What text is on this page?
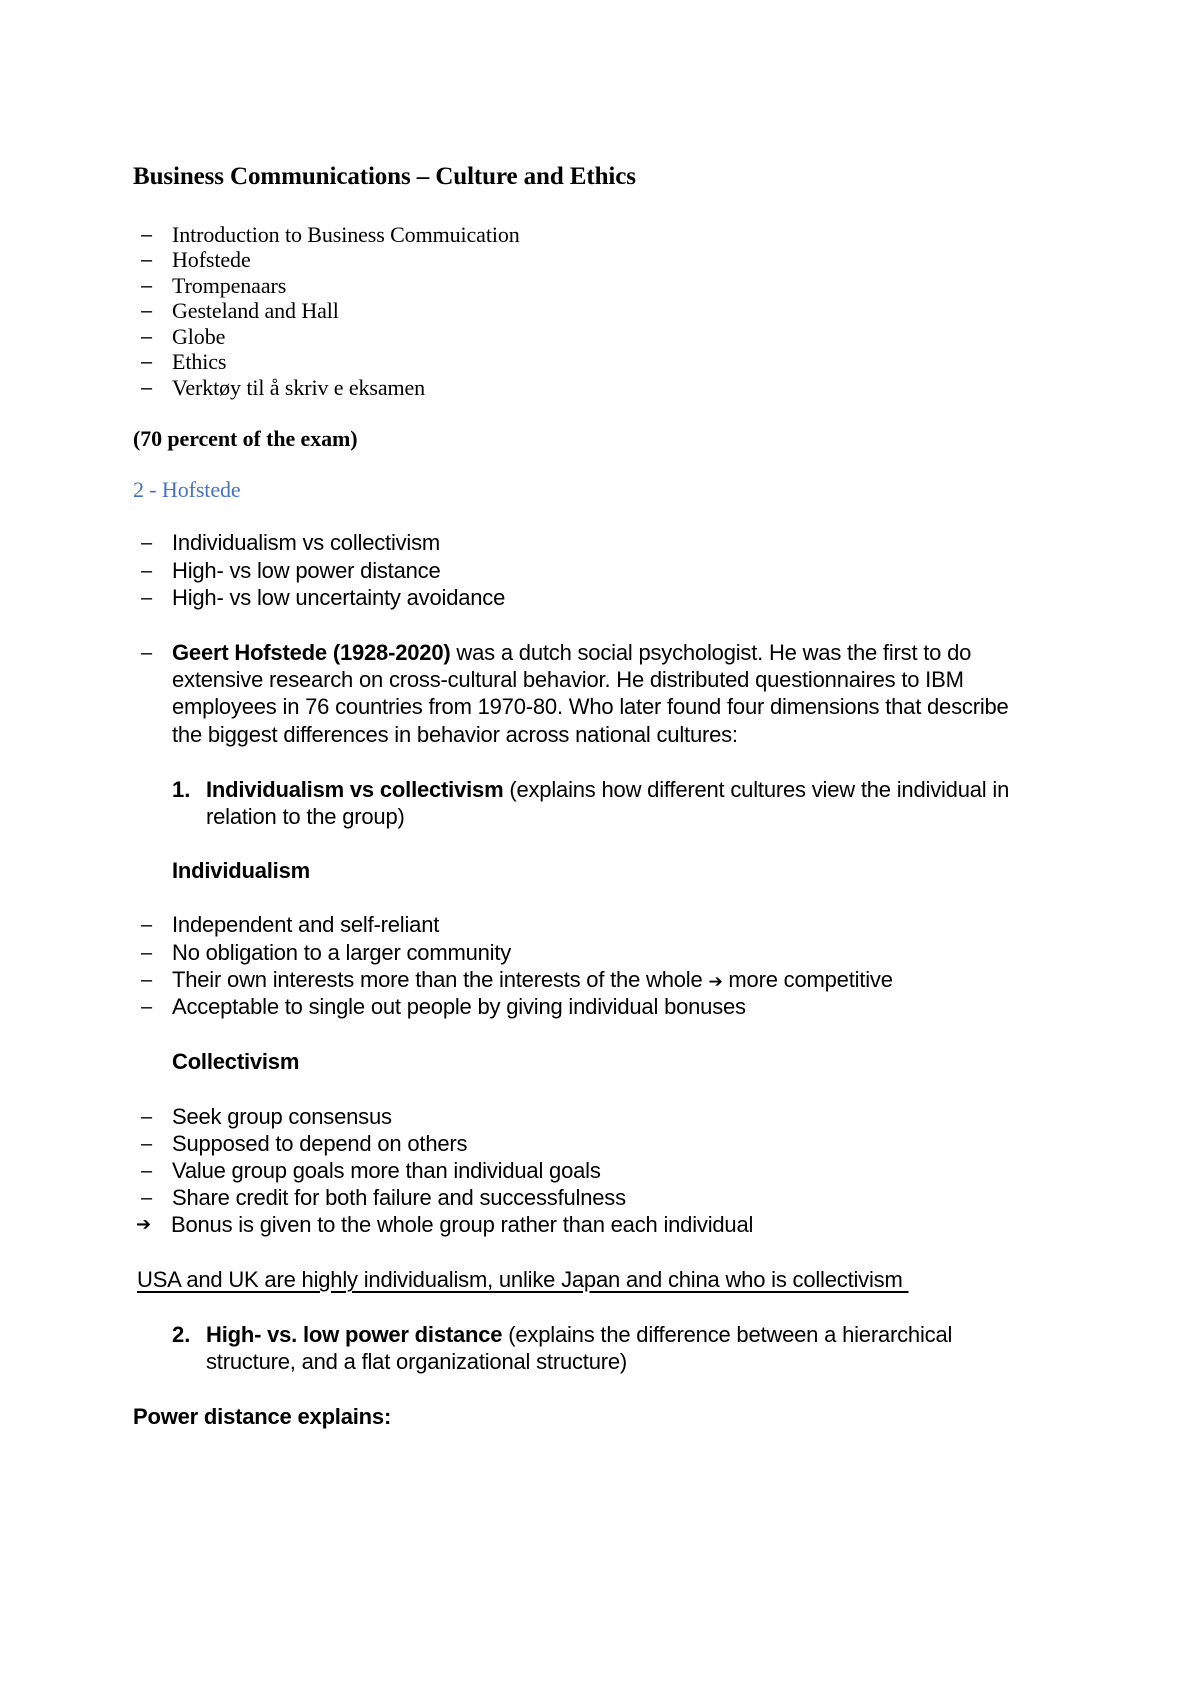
Business Communications – Culture and Ethics
– Introduction to Business Commuication
– Hofstede
– Trompenaars
– Gesteland and Hall
– Globe
– Ethics
– Verktøy til å skriv e eksamen
(70 percent of the exam)
2 - Hofstede
– Individualism vs collectivism
– High- vs low power distance
– High- vs low uncertainty avoidance
– Geert Hofstede (1928-2020) was a dutch social psychologist. He was the first to do
extensive research on cross-cultural behavior. He distributed questionnaires to IBM
employees in 76 countries from 1970-80. Who later found four dimensions that describe
the biggest differences in behavior across national cultures:
1. Individualism vs collectivism (explains how different cultures view the individual in
relation to the group)
Individualism
– Independent and self-reliant
– No obligation to a larger community
– Their own interests more than the interests of the whole ➔ more competitive
– Acceptable to single out people by giving individual bonuses
Collectivism
– Seek group consensus
– Supposed to depend on others
– Value group goals more than individual goals
– Share credit for both failure and successfulness
➔ Bonus is given to the whole group rather than each individual
USA and UK are highly individualism, unlike Japan and china who is collectivism
2. High- vs. low power distance (explains the difference between a hierarchical
structure, and a flat organizational structure)
Power distance explains:
